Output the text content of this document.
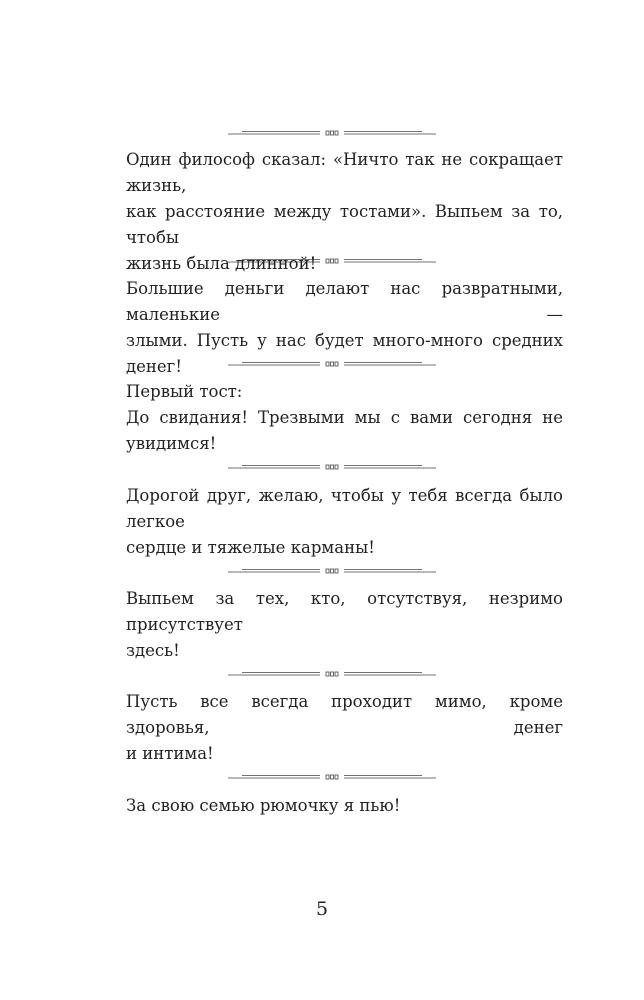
Один философ сказал: «Ничто так не сокращает жизнь,
как расстояние между тостами». Выпьем за то, чтобы
жизнь была длинной!
Большие деньги делают нас развратными, маленькие —
злыми. Пусть у нас будет много-много средних денег!
Первый тост:
До свидания! Трезвыми мы с вами сегодня не увидимся!
Дорогой друг, желаю, чтобы у тебя всегда было легкое
сердце и тяжелые карманы!
Выпьем за тех, кто, отсутствуя, незримо присутствует
здесь!
Пусть все всегда проходит мимо, кроме здоровья, денег
и интима!
За свою семью рюмочку я пью!
5
